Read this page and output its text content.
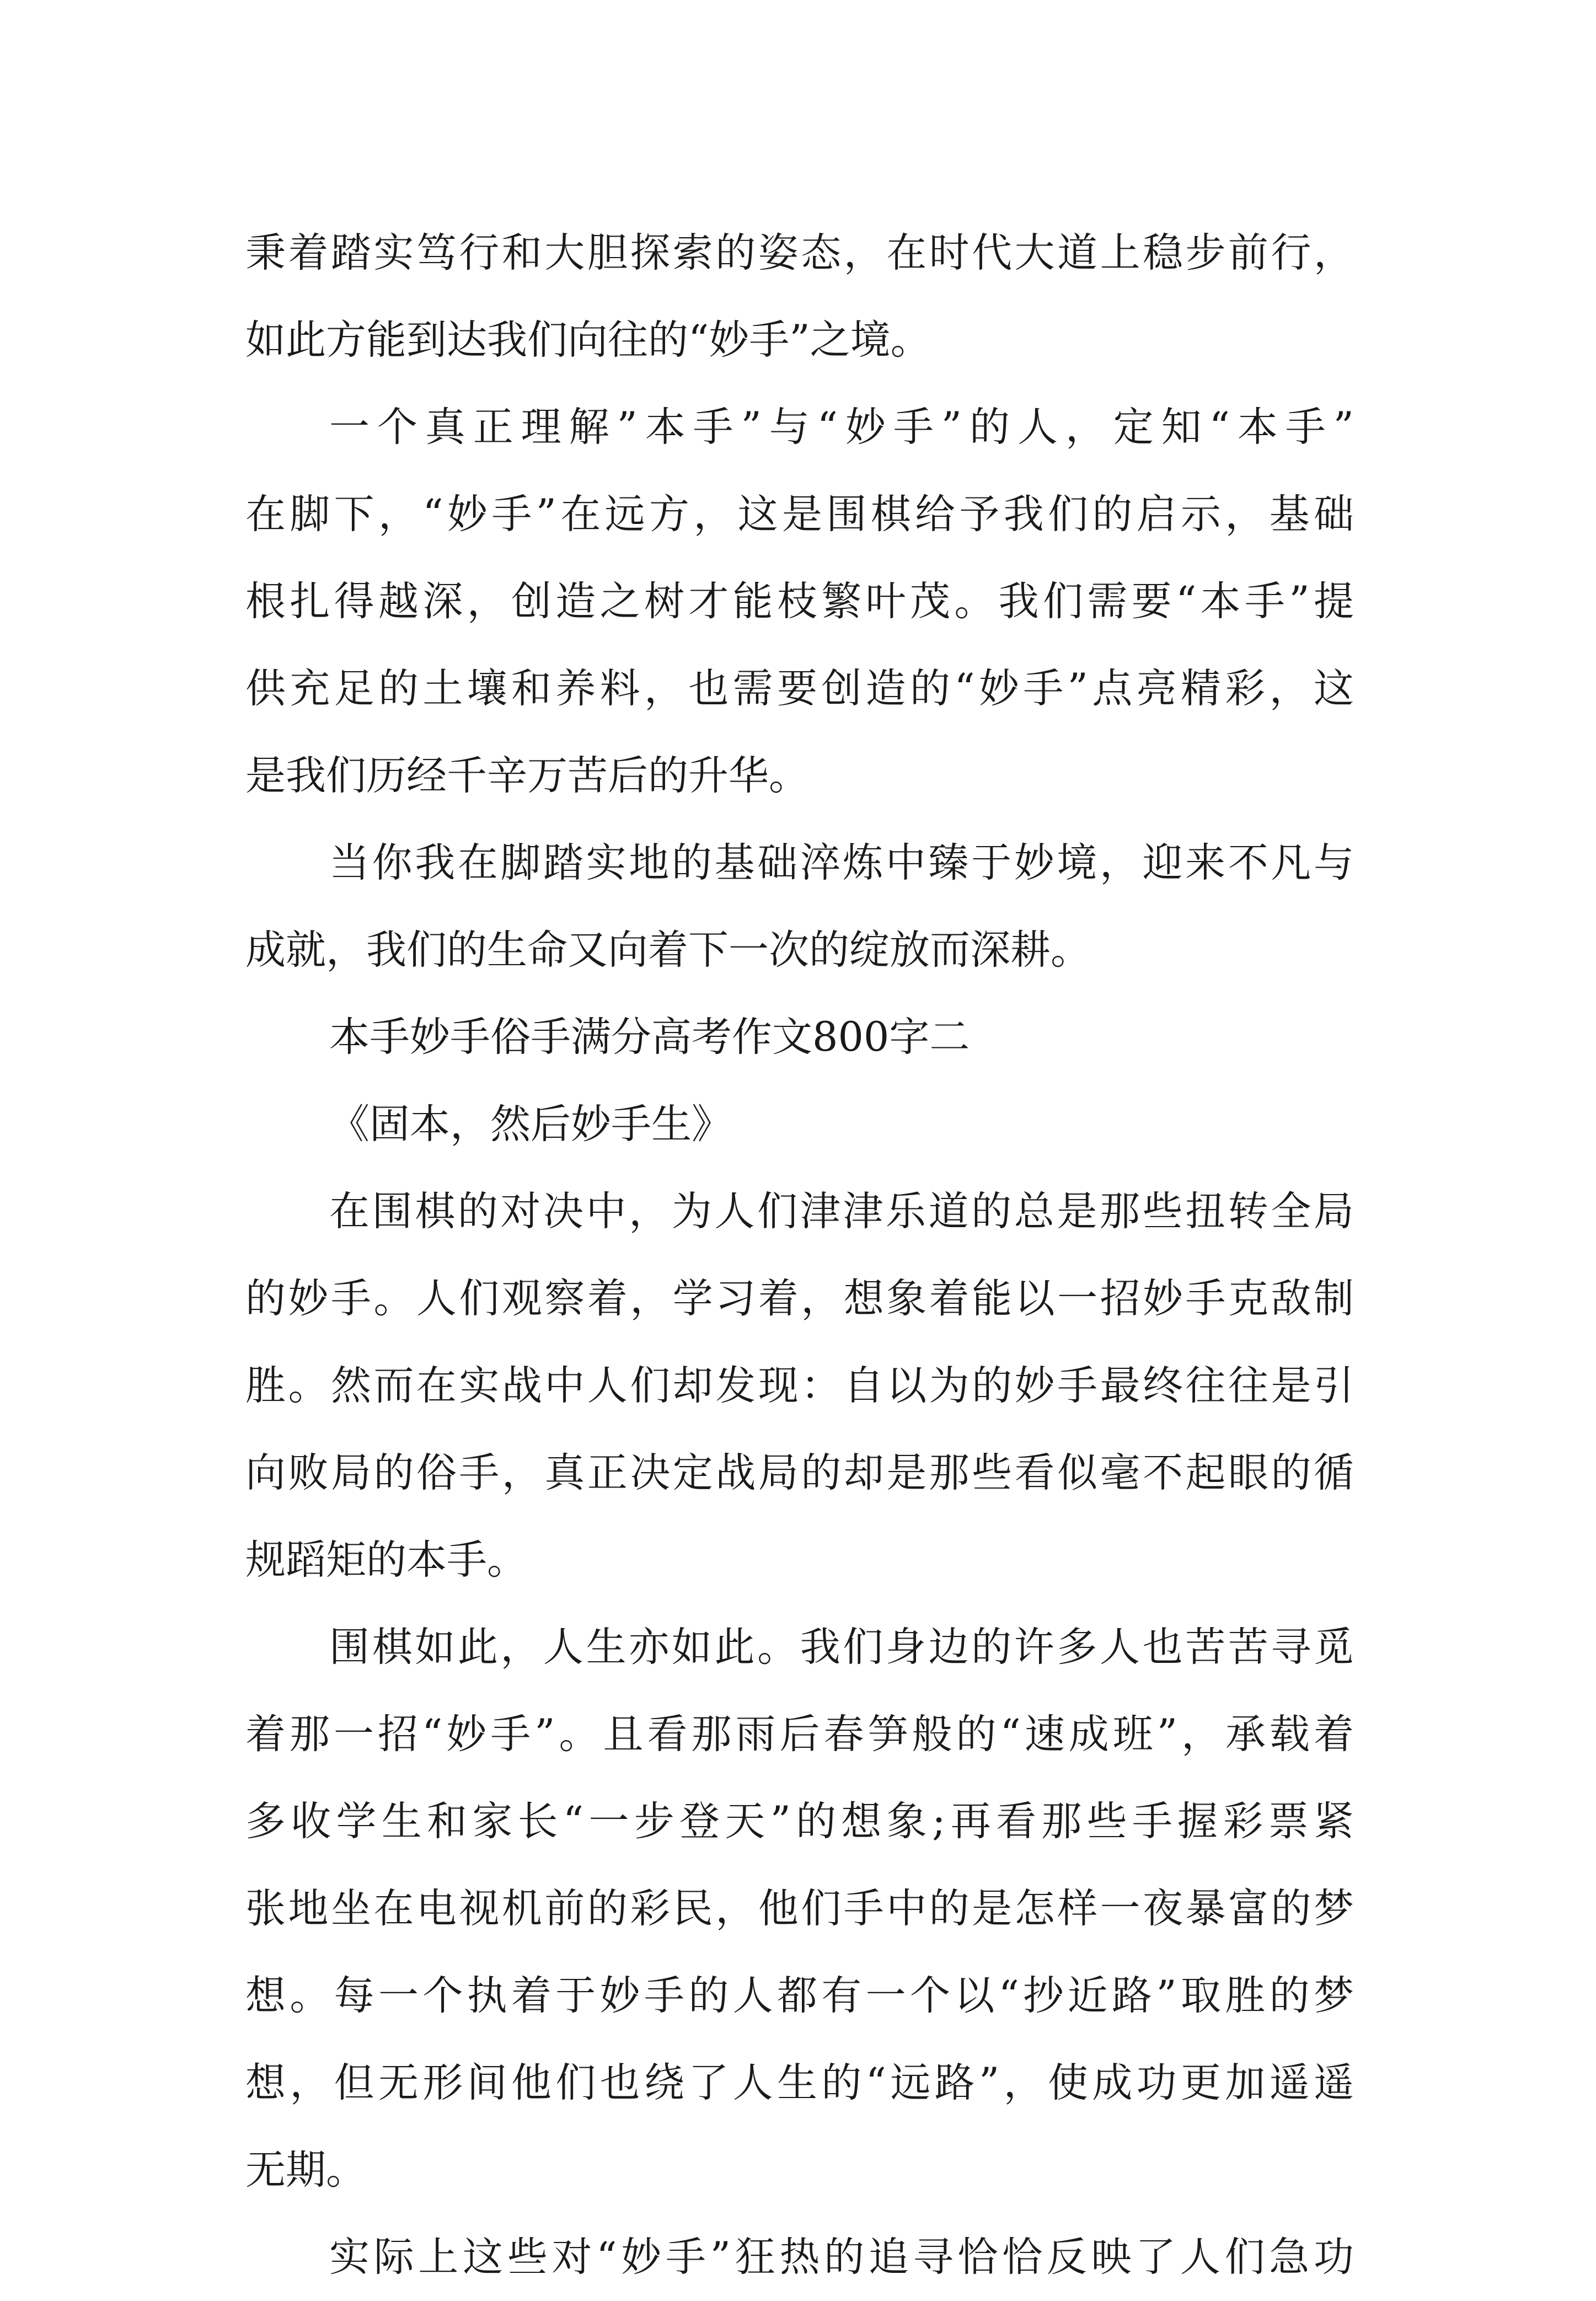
秉着踏实笃行和大胆探索的姿态，在时代大道上稳步前行，
如此方能到达我们向往的“妙手”之境。
一个真正理解”本手”与“妙手”的人，定知“本手”
在脚下，“妙手”在远方，这是围棋给予我们的启示，基础
根扎得越深，创造之树才能枝繁叶茂。我们需要“本手”提
供充足的土壤和养料，也需要创造的“妙手”点亮精彩，这
是我们历经千辛万苦后的升华。
当你我在脚踏实地的基础淬炼中臻于妙境，迎来不凡与
成就，我们的生命又向着下一次的绽放而深耕。
本手妙手俗手满分高考作文800字二
《固本，然后妙手生》
在围棋的对决中，为人们津津乐道的总是那些扭转全局
的妙手。人们观察着，学习着，想象着能以一招妙手克敌制
胜。然而在实战中人们却发现：自以为的妙手最终往往是引
向败局的俗手，真正决定战局的却是那些看似毫不起眼的循
规蹈矩的本手。
围棋如此，人生亦如此。我们身边的许多人也苦苦寻觅
着那一招“妙手”。且看那雨后春笋般的“速成班”，承载着
多收学生和家长“一步登天”的想象;再看那些手握彩票紧
张地坐在电视机前的彩民，他们手中的是怎样一夜暴富的梦
想。每一个执着于妙手的人都有一个以“抄近路”取胜的梦
想，但无形间他们也绕了人生的“远路”，使成功更加遥遥
无期。
实际上这些对“妙手”狂热的追寻恰恰反映了人们急功
